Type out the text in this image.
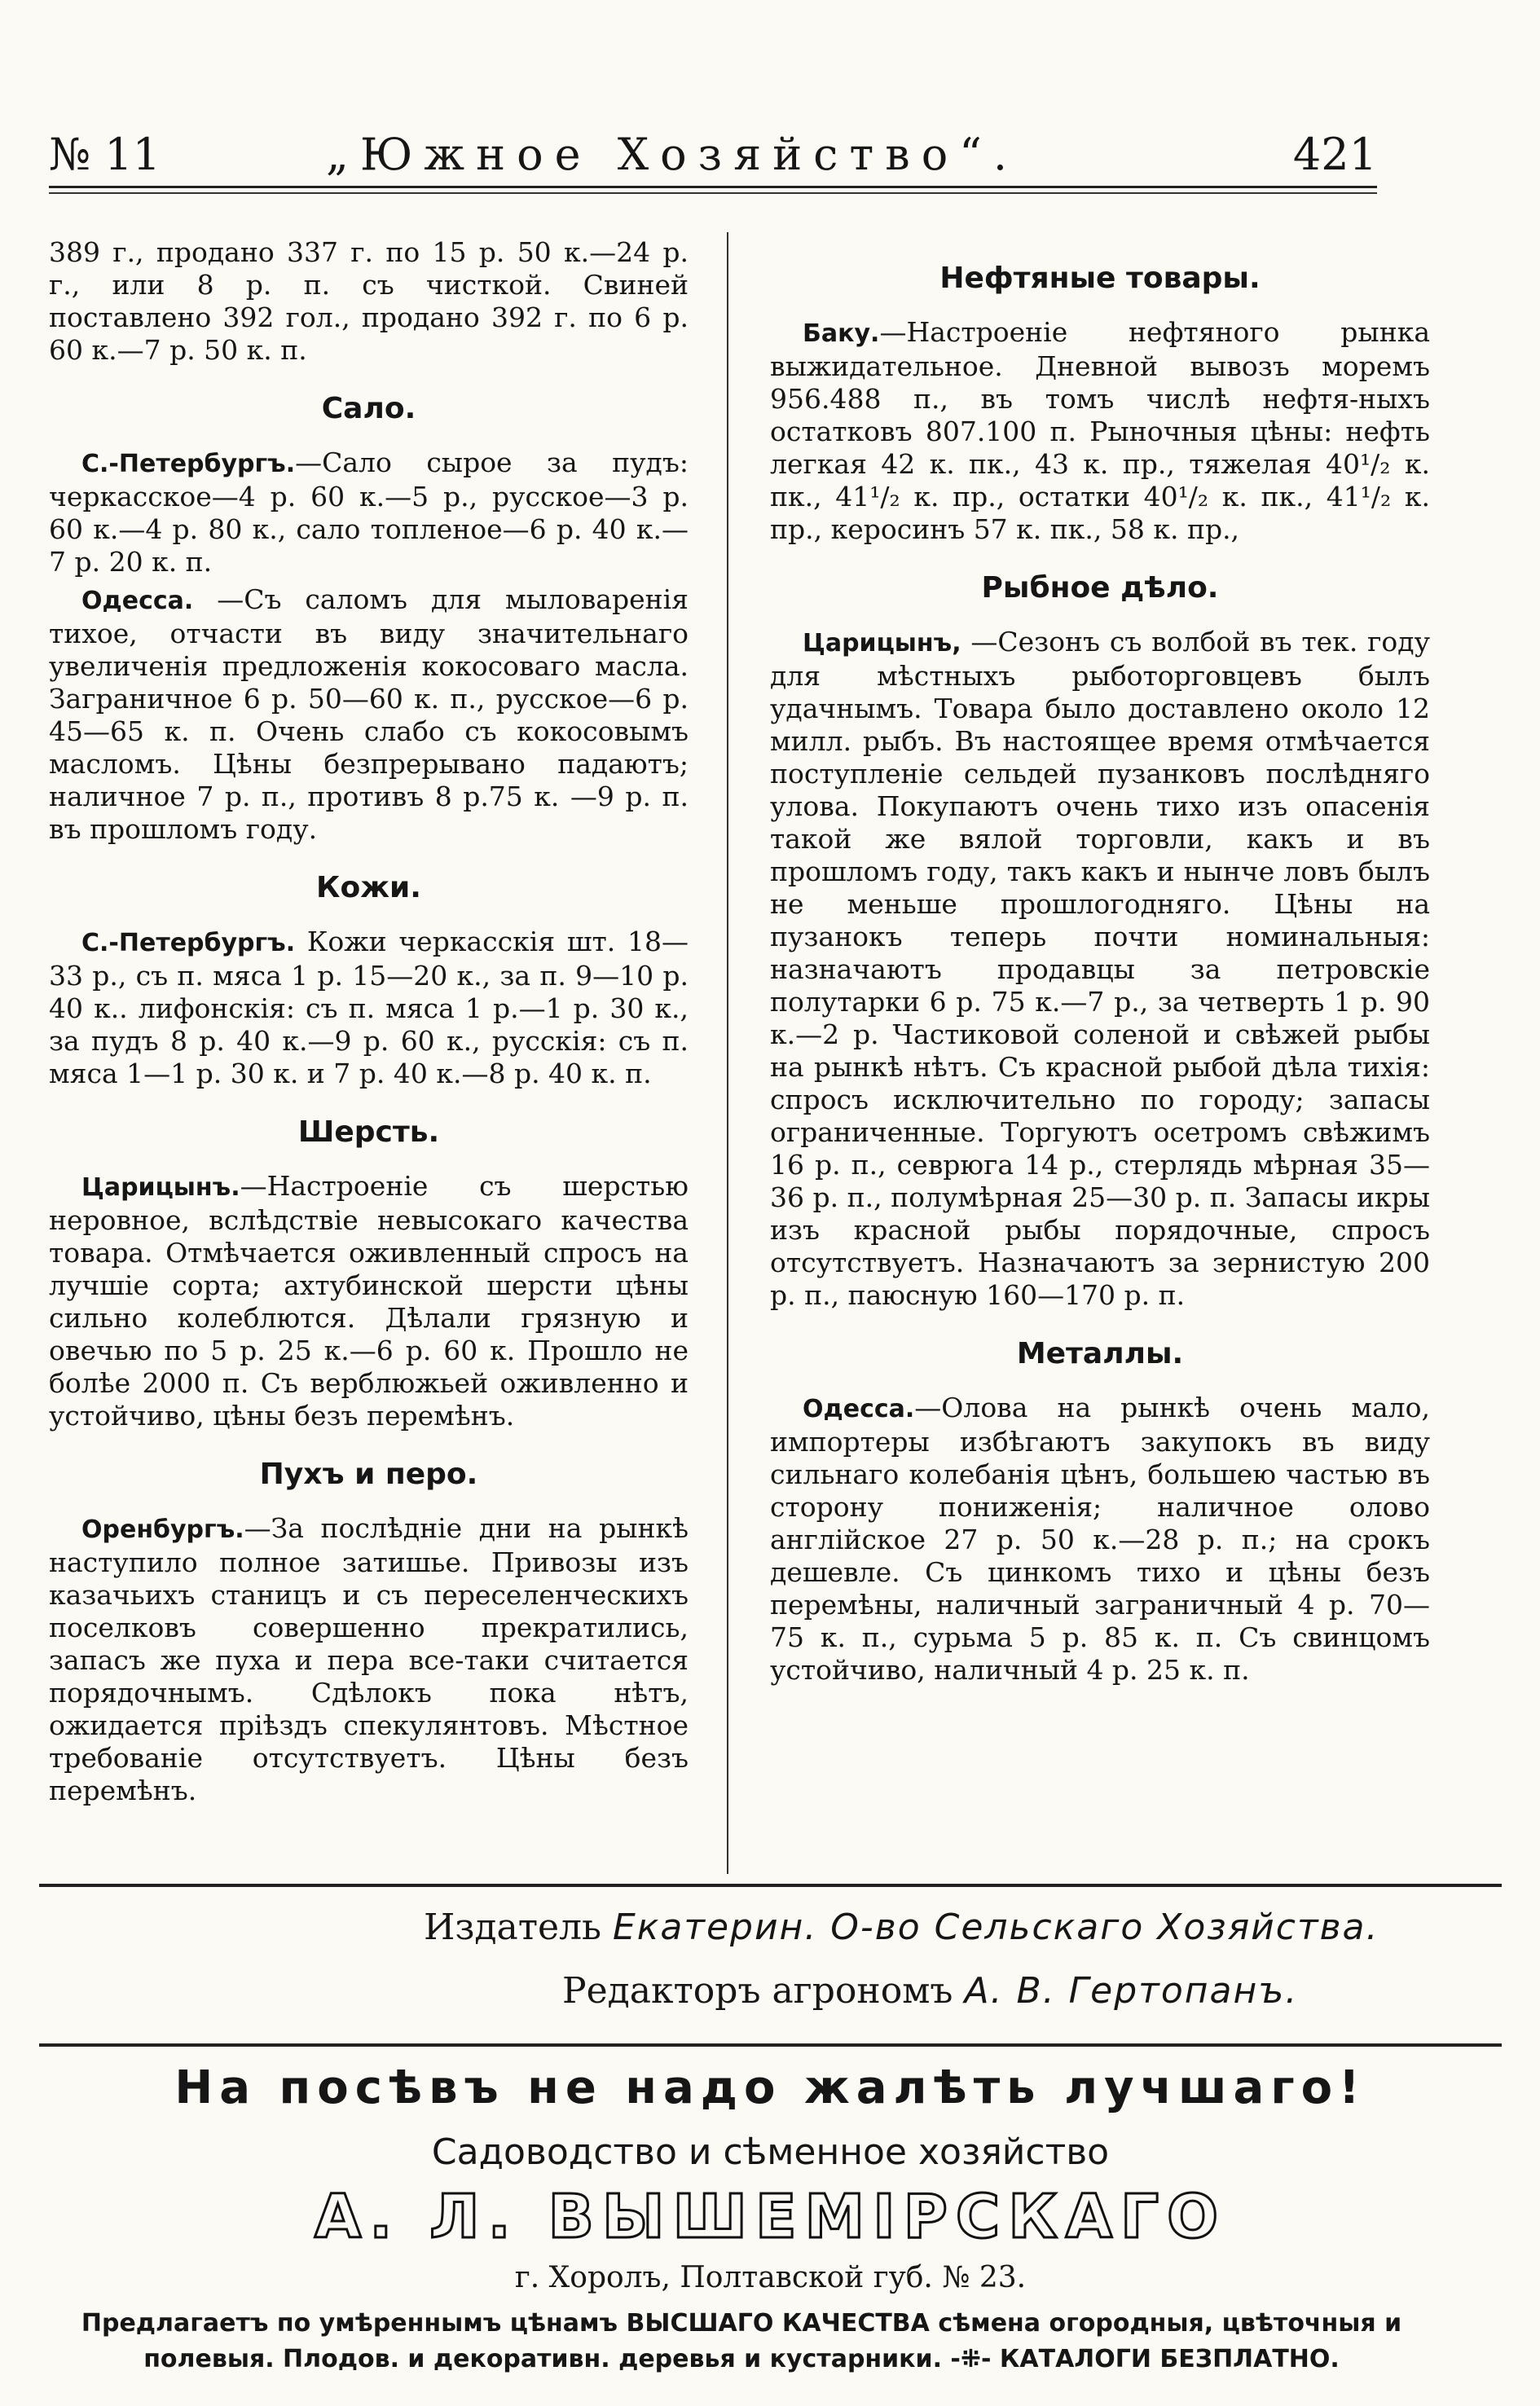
№ 11	„Южное Хозяйство“.	421

389 г., продано 337 г. по 15 р. 50 к.—24 р. г., или 8 р. п. съ чисткой. Свиней поставлено 392 гол., продано 392 г. по 6 р. 60 к.—7 р. 50 к. п.

Сало.

С.-Петербургъ.—Сало сырое за пудъ: черкасское—4 р. 60 к.—5 р., русское—3 р. 60 к.—4 р. 80 к., сало топленое—6 р. 40 к.—7 р. 20 к. п.

Одесса. —Съ саломъ для мыловаренія тихое, отчасти въ виду значительнаго увеличенія предложенія кокосоваго масла. Заграничное 6 р. 50—60 к. п., русское—6 р. 45—65 к. п. Очень слабо съ кокосовымъ масломъ. Цѣны безпрерывано падаютъ; наличное 7 р. п., противъ 8 р.75 к. —9 р. п. въ прошломъ году.

Кожи.

С.-Петербургъ. Кожи черкасскія шт. 18—33 р., съ п. мяса 1 р. 15—20 к., за п. 9—10 р. 40 к.. лифонскія: съ п. мяса 1 р.—1 р. 30 к., за пудъ 8 р. 40 к.—9 р. 60 к., русскія: съ п. мяса 1—1 р. 30 к. и 7 р. 40 к.—8 р. 40 к. п.

Шерсть.

Царицынъ.—Настроеніе съ шерстью неровное, вслѣдствіе невысокаго качества товара. Отмѣчается оживленный спросъ на лучшіе сорта; ахтубинской шерсти цѣны сильно колеблются. Дѣлали грязную и овечью по 5 р. 25 к.—6 р. 60 к. Прошло не болѣе 2000 п. Съ верблюжьей оживленно и устойчиво, цѣны безъ перемѣнъ.

Пухъ и перо.

Оренбургъ.—За послѣдніе дни на рынкѣ наступило полное затишье. Привозы изъ казачьихъ станицъ и съ переселенческихъ поселковъ совершенно прекратились, запасъ же пуха и пера все-таки считается порядочнымъ. Сдѣлокъ пока нѣтъ, ожидается пріѣздъ спекулянтовъ. Мѣстное требованіе отсутствуетъ. Цѣны безъ перемѣнъ.

Нефтяные товары.

Баку.—Настроеніе нефтяного рынка выжидательное. Дневной вывозъ моремъ 956.488 п., въ томъ числѣ нефтя-ныхъ остатковъ 807.100 п. Рыночныя цѣны: нефть легкая 42 к. пк., 43 к. пр., тяжелая 40¹/₂ к. пк., 41¹/₂ к. пр., остатки 40¹/₂ к. пк., 41¹/₂ к. пр., керосинъ 57 к. пк., 58 к. пр.,

Рыбное дѣло.

Царицынъ, —Сезонъ съ волбой въ тек. году для мѣстныхъ рыботорговцевъ былъ удачнымъ. Товара было доставлено около 12 милл. рыбъ. Въ настоящее время отмѣчается поступленіе сельдей пузанковъ послѣдняго улова. Покупаютъ очень тихо изъ опасенія такой же вялой торговли, какъ и въ прошломъ году, такъ какъ и нынче ловъ былъ не меньше прошлогодняго. Цѣны на пузанокъ теперь почти номинальныя: назначаютъ продавцы за петровскіе полутарки 6 р. 75 к.—7 р., за четверть 1 р. 90 к.—2 р. Частиковой соленой и свѣжей рыбы на рынкѣ нѣтъ. Съ красной рыбой дѣла тихія: спросъ исключительно по городу; запасы ограниченные. Торгуютъ осетромъ свѣжимъ 16 р. п., севрюга 14 р., стерлядь мѣрная 35—36 р. п., полумѣрная 25—30 р. п. Запасы икры изъ красной рыбы порядочные, спросъ отсутствуетъ. Назначаютъ за зернистую 200 р. п., паюсную 160—170 р. п.

Металлы.

Одесса.—Олова на рынкѣ очень мало, импортеры избѣгаютъ закупокъ въ виду сильнаго колебанія цѣнъ, большею частью въ сторону пониженія; наличное олово англійское 27 р. 50 к.—28 р. п.; на срокъ дешевле. Съ цинкомъ тихо и цѣны безъ перемѣны, наличный заграничный 4 р. 70—75 к. п., сурьма 5 р. 85 к. п. Съ свинцомъ устойчиво, наличный 4 р. 25 к. п.

Издатель Екатерин. О-во Сельскаго Хозяйства.
Редакторъ агрономъ А. В. Гертопанъ.
На посѣвъ не надо жалѣть лучшаго!
Садоводство и сѣменное хозяйство
А. Л. ВЫШЕМІРСКАГО
г. Хоролъ, Полтавской губ. № 23.
Предлагаетъ по умѣреннымъ цѣнамъ ВЫСШАГО КАЧЕСТВА сѣмена огородныя, цвѣточныя и
полевыя. Плодов. и декоративн. деревья и кустарники. -⁜- КАТАЛОГИ БЕЗПЛАТНО.
